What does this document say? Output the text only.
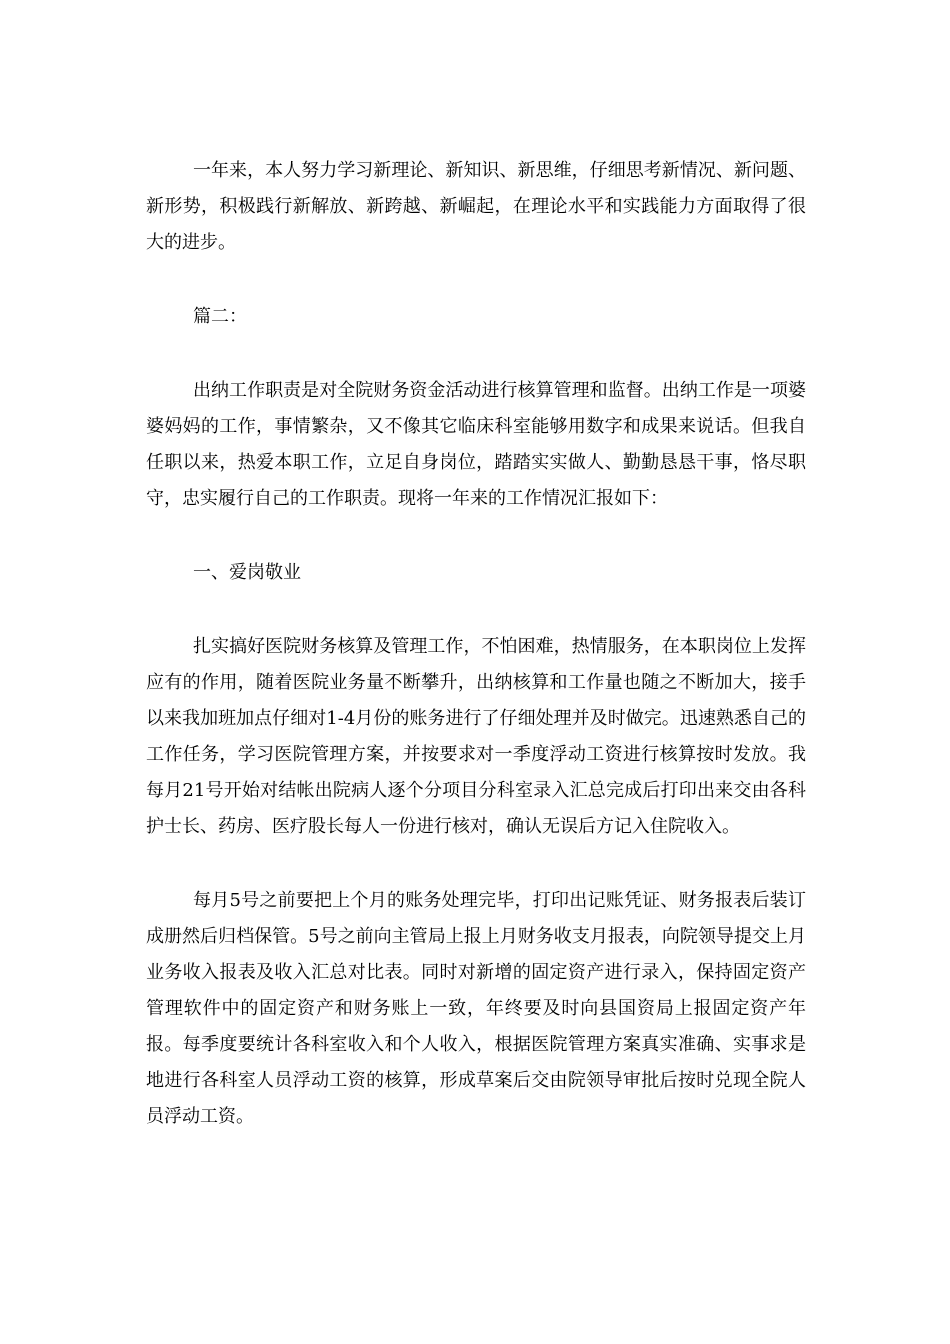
一年来，本人努力学习新理论、新知识、新思维，仔细思考新情况、新问题、新形势，积极践行新解放、新跨越、新崛起，在理论水平和实践能力方面取得了很大的进步。

篇二：

出纳工作职责是对全院财务资金活动进行核算管理和监督。出纳工作是一项婆婆妈妈的工作，事情繁杂，又不像其它临床科室能够用数字和成果来说话。但我自任职以来，热爱本职工作，立足自身岗位，踏踏实实做人、勤勤恳恳干事，恪尽职守，忠实履行自己的工作职责。现将一年来的工作情况汇报如下：

一、爱岗敬业

扎实搞好医院财务核算及管理工作，不怕困难，热情服务，在本职岗位上发挥应有的作用，随着医院业务量不断攀升，出纳核算和工作量也随之不断加大，接手以来我加班加点仔细对1-4月份的账务进行了仔细处理并及时做完。迅速熟悉自己的工作任务，学习医院管理方案，并按要求对一季度浮动工资进行核算按时发放。我每月21号开始对结帐出院病人逐个分项目分科室录入汇总完成后打印出来交由各科护士长、药房、医疗股长每人一份进行核对，确认无误后方记入住院收入。

每月5号之前要把上个月的账务处理完毕，打印出记账凭证、财务报表后装订成册然后归档保管。5号之前向主管局上报上月财务收支月报表，向院领导提交上月业务收入报表及收入汇总对比表。同时对新增的固定资产进行录入，保持固定资产管理软件中的固定资产和财务账上一致，年终要及时向县国资局上报固定资产年报。每季度要统计各科室收入和个人收入，根据医院管理方案真实准确、实事求是地进行各科室人员浮动工资的核算，形成草案后交由院领导审批后按时兑现全院人员浮动工资。
